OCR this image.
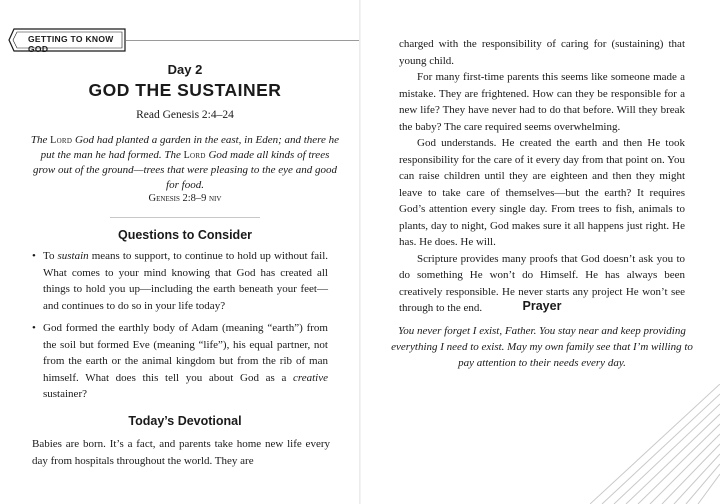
GETTING TO KNOW GOD
Day 2
GOD THE SUSTAINER
Read Genesis 2:4–24
The Lord God had planted a garden in the east, in Eden; and there he put the man he had formed. The Lord God made all kinds of trees grow out of the ground—trees that were pleasing to the eye and good for food.
Genesis 2:8–9 niv
Questions to Consider
• To sustain means to support, to continue to hold up without fail. What comes to your mind knowing that God has created all things to hold you up—including the earth beneath your feet—and continues to do so in your life today?
• God formed the earthly body of Adam (meaning “earth”) from the soil but formed Eve (meaning “life”), his equal partner, not from the earth or the animal kingdom but from the rib of man himself. What does this tell you about God as a creative sustainer?
Today’s Devotional
Babies are born. It’s a fact, and parents take home new life every day from hospitals throughout the world. They are

charged with the responsibility of caring for (sustaining) that young child.

For many first-time parents this seems like someone made a mistake. They are frightened. How can they be responsible for a new life? They have never had to do that before. Will they break the baby? The care required seems overwhelming.

God understands. He created the earth and then He took responsibility for the care of it every day from that point on. You can raise children until they are eighteen and then they might leave to take care of themselves—but the earth? It requires God’s attention every single day. From trees to fish, animals to plants, day to night, God makes sure it all happens just right. He has. He does. He will.

Scripture provides many proofs that God doesn’t ask you to do something He won’t do Himself. He has always been creatively responsible. He never starts any project He won’t see through to the end.	Prayer
You never forget I exist, Father. You stay near and keep providing everything I need to exist. May my own family see that I’m willing to pay attention to their needs every day.
